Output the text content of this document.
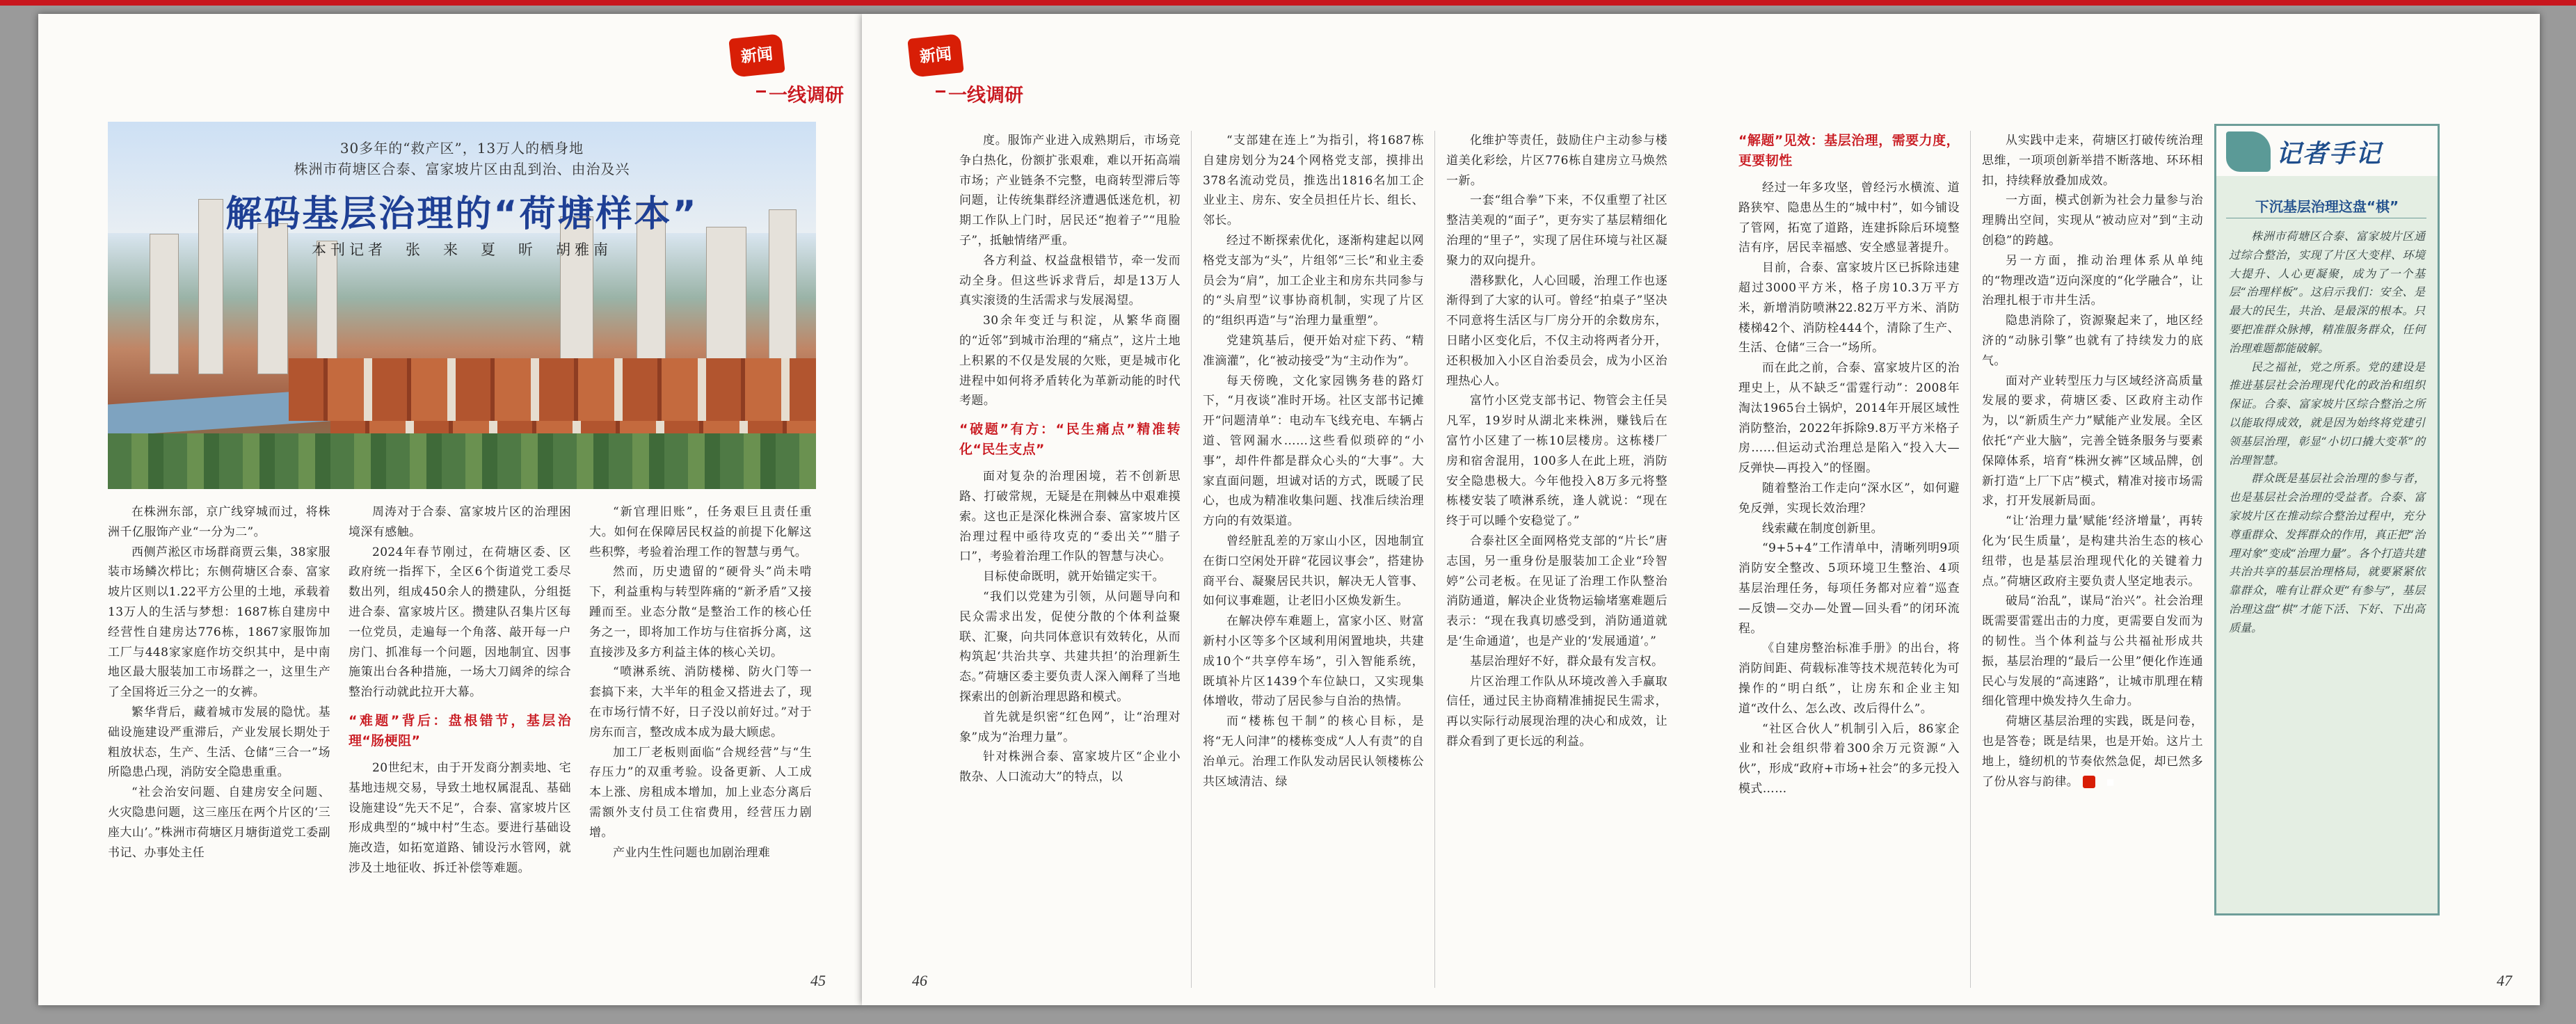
新闻
一线调研
30多年的“救产区”，13万人的栖身地
株洲市荷塘区合泰、富家坡片区由乱到治、由治及兴
解码基层治理的“荷塘样本”
本刊记者　张　来　夏　昕　胡雅南

在株洲东部，京广线穿城而过，将株洲千亿服饰产业“一分为二”。

西侧芦淞区市场群商贾云集，38家服装市场鳞次栉比；东侧荷塘区合泰、富家坡片区则以1.22平方公里的土地，承载着13万人的生活与梦想：1687栋自建房中经营性自建房达776栋，1867家服饰加工厂与448家家庭作坊交织其中，是中南地区最大服装加工市场群之一，这里生产了全国将近三分之一的女裤。

繁华背后，藏着城市发展的隐忧。基础设施建设严重滞后，产业发展长期处于粗放状态，生产、生活、仓储“三合一”场所隐患凸现，消防安全隐患重重。

“社会治安问题、自建房安全问题、火灾隐患问题，这三座压在两个片区的‘三座大山’。”株洲市荷塘区月塘街道党工委副书记、办事处主任

周涛对于合泰、富家坡片区的治理困境深有感触。

2024年春节刚过，在荷塘区委、区政府统一指挥下，全区6个街道党工委尽数出列，组成450余人的攒建队，分组挺进合泰、富家坡片区。攒建队召集片区每一位党员，走遍每一个角落、敲开每一户房门、抓准每一个问题，因地制宜、因事施策出台各种措施，一场大刀阔斧的综合整治行动就此拉开大幕。

“难题”背后：盘根错节，基层治理“肠梗阻”

20世纪末，由于开发商分割卖地、宅基地违规交易，导致土地权属混乱、基础设施建设“先天不足”，合泰、富家坡片区形成典型的“城中村”生态。要进行基础设施改造，如拓宽道路、铺设污水管网，就涉及土地征收、拆迁补偿等难题。

“新官理旧账”，任务艰巨且责任重大。如何在保障居民权益的前提下化解这些积弊，考验着治理工作的智慧与勇气。

然而，历史遗留的“硬骨头”尚未啃下，利益重构与转型阵痛的“新矛盾”又接踵而至。业态分散“是整治工作的核心任务之一，即将加工作坊与住宿拆分离，这直接涉及多方利益主体的核心关切。

“喷淋系统、消防楼梯、防火门等一套搞下来，大半年的租金又搭进去了，现在市场行情不好，日子没以前好过。”对于房东而言，整改成本成为最大顾虑。

加工厂老板则面临“合规经营”与“生存压力”的双重考验。设备更新、人工成本上涨、房租成本增加，加上业态分离后需额外支付员工住宿费用，经营压力剧增。

产业内生性问题也加剧治理难

45
新闻
一线调研

度。服饰产业进入成熟期后，市场竞争白热化，份额扩张艰难，难以开拓高端市场；产业链条不完整，电商转型滞后等问题，让传统集群经济遭遇低迷危机，初期工作队上门时，居民还“抱着子”“甩脸子”，抵触情绪严重。

各方利益、权益盘根错节，牵一发而动全身。但这些诉求背后，却是13万人真实滚烫的生活需求与发展渴望。

30余年变迁与积淀，从繁华商圈的“近邻”到城市治理的“痛点”，这片土地上积累的不仅是发展的欠账，更是城市化进程中如何将矛盾转化为革新动能的时代考题。

“破题”有方：“民生痛点”精准转化“民生支点”

面对复杂的治理困境，若不创新思路、打破常规，无疑是在荆棘丛中艰难摸索。这也正是深化株洲合泰、富家坡片区治理过程中亟待攻克的“委出关”“腊子口”，考验着治理工作队的智慧与决心。

目标使命既明，就开始锚定实干。

“我们以党建为引领，从问题导向和民众需求出发，促使分散的个体利益聚联、汇聚，向共同体意识有效转化，从而构筑起‘共治共享、共建共担’的治理新生态。”荷塘区委主要负责人深入阐释了当地探索出的创新治理思路和模式。

首先就是织密“红色网”，让“治理对象”成为“治理力量”。

针对株洲合泰、富家坡片区“企业小散杂、人口流动大”的特点，以

“支部建在连上”为指引，将1687栋自建房划分为24个网格党支部，摸排出378名流动党员，推选出1816名加工企业业主、房东、安全员担任片长、组长、邻长。

经过不断探索优化，逐渐构建起以网格党支部为“头”，片组邻“三长”和业主委员会为“肩”，加工企业主和房东共同参与的“头肩型”议事协商机制，实现了片区的“组织再造”与“治理力量重塑”。

党建筑基后，便开始对症下药、“精准滴灌”，化“被动接受”为“主动作为”。

每天傍晚，文化家园镌务巷的路灯下，“月夜谈”准时开场。社区支部书记摊开“问题清单”：电动车飞线充电、车辆占道、管网漏水……这些看似琐碎的“小事”，却件件都是群众心头的“大事”。大家直面问题，坦诚对话的方式，既暖了民心，也成为精准收集问题、找准后续治理方向的有效渠道。

曾经脏乱差的万家山小区，因地制宜在街口空闲处开辟“花园议事会”，搭建协商平台、凝聚居民共识，解决无人管事、如何议事难题，让老旧小区焕发新生。

在解决停车难题上，富家小区、财富新村小区等多个区域利用闲置地块，共建成10个“共享停车场”，引入智能系统，既填补片区1439个车位缺口，又实现集体增收，带动了居民参与自治的热情。

而“楼栋包干制”的核心目标，是将“无人问津”的楼栋变成“人人有责”的自治单元。治理工作队发动居民认领楼栋公共区域清洁、绿

化维护等责任，鼓励住户主动参与楼道美化彩绘，片区776栋自建房立马焕然一新。

一套“组合拳”下来，不仅重塑了社区整洁美观的“面子”，更夯实了基层精细化治理的“里子”，实现了居住环境与社区凝聚力的双向提升。

潜移默化，人心回暖，治理工作也逐渐得到了大家的认可。曾经“拍桌子”坚决不同意将生活区与厂房分开的余数房东，日睹小区变化后，不仅主动将两者分开，还积极加入小区自治委员会，成为小区治理热心人。

富竹小区党支部书记、物管会主任吴凡军，19岁时从湖北来株洲，赚钱后在富竹小区建了一栋10层楼房。这栋楼厂房和宿舍混用，100多人在此上班，消防安全隐患极大。今年他投入8万多元将整栋楼安装了喷淋系统，逢人就说：“现在终于可以睡个安稳觉了。”

合泰社区全面网格党支部的“片长”唐志国，另一重身份是服装加工企业“玲智婷”公司老板。在见证了治理工作队整治消防通道，解决企业货物运输堵塞难题后表示：“现在我真切感受到，消防通道就是‘生命通道’，也是产业的‘发展通道’。”

基层治理好不好，群众最有发言权。

片区治理工作队从环境改善入手赢取信任，通过民主协商精准捕捉民生需求，再以实际行动展现治理的决心和成效，让群众看到了更长远的利益。

46
“解题”见效：基层治理，需要力度，更要韧性

经过一年多攻坚，曾经污水横流、道路狭窄、隐患丛生的“城中村”，如今铺设了管网，拓宽了道路，连建拆除后环境整洁有序，居民幸福感、安全感显著提升。

目前，合泰、富家坡片区已拆除违建超过3000平方米，格子房10.3万平方米，新增消防喷淋22.82万平方米、消防楼梯42个、消防栓444个，清除了生产、生活、仓储“三合一”场所。

而在此之前，合泰、富家坡片区的治理史上，从不缺乏“雷霆行动”：2008年淘汰1965台土锅炉，2014年开展区域性消防整治，2022年拆除9.8万平方米格子房……但运动式治理总是陷入“投入大—反弹快—再投入”的怪圈。

随着整治工作走向“深水区”，如何避免反弹，实现长效治理？

线索藏在制度创新里。

“9+5+4”工作清单中，清晰列明9项消防安全整改、5项环境卫生整治、4项基层治理任务，每项任务都对应着“巡查—反馈—交办—处置—回头看”的闭环流程。

《自建房整治标准手册》的出台，将消防间距、荷载标准等技术规范转化为可操作的“明白纸”，让房东和企业主知道“改什么、怎么改、改后得什么”。

“社区合伙人”机制引入后，86家企业和社会组织带着300余万元资源“入伙”，形成“政府+市场+社会”的多元投入模式……

从实践中走来，荷塘区打破传统治理思维，一项项创新举措不断落地、环环相扣，持续释放叠加成效。

一方面，模式创新为社会力量参与治理腾出空间，实现从“被动应对”到“主动创稳”的跨越。

另一方面，推动治理体系从单纯的“物理改造”迈向深度的“化学融合”，让治理扎根于市井生活。

隐患消除了，资源聚起来了，地区经济的“动脉引擎”也就有了持续发力的底气。

面对产业转型压力与区域经济高质量发展的要求，荷塘区委、区政府主动作为，以“新质生产力”赋能产业发展。全区依托“产业大脑”，完善全链条服务与要素保障体系，培育“株洲女裤”区域品牌，创新打造“上厂下店”模式，精准对接市场需求，打开发展新局面。

“让‘治理力量’赋能‘经济增量’，再转化为‘民生质量’，是构建共治生态的核心纽带，也是基层治理现代化的关键着力点。”荷塘区政府主要负责人坚定地表示。

破局“治乱”，谋局“治兴”。社会治理既需要雷霆出击的力度，更需要自发而为的韧性。当个体利益与公共福祉形成共振，基层治理的“最后一公里”便化作连通民心与发展的“高速路”，让城市肌理在精细化管理中焕发持久生命力。

荷塘区基层治理的实践，既是问卷，也是答卷；既是结果，也是开始。这片土地上，缝纫机的节奏依然急促，却已然多了份从容与韵律。	■

记者手记
下沉基层治理这盘“棋”

株洲市荷塘区合泰、富家坡片区通过综合整治，实现了片区大变样、环境大提升、人心更凝聚，成为了一个基层“治理样板”。这启示我们：安全、是最大的民生，共治、是最深的根本。只要把准群众脉搏，精准服务群众，任何治理难题都能破解。

民之福祉，党之所系。党的建设是推进基层社会治理现代化的政治和组织保证。合泰、富家坡片区综合整治之所以能取得成效，就是因为始终将党建引领基层治理，彰显“小切口撬大变革”的治理智慧。

群众既是基层社会治理的参与者，也是基层社会治理的受益者。合泰、富家坡片区在推动综合整治过程中，充分尊重群众、发挥群众的作用，真正把“治理对象”变成“治理力量”。各个打造共建共治共享的基层治理格局，就要紧紧依靠群众，唯有让群众更“有参与”，基层治理这盘“棋”才能下活、下好、下出高质量。

47
